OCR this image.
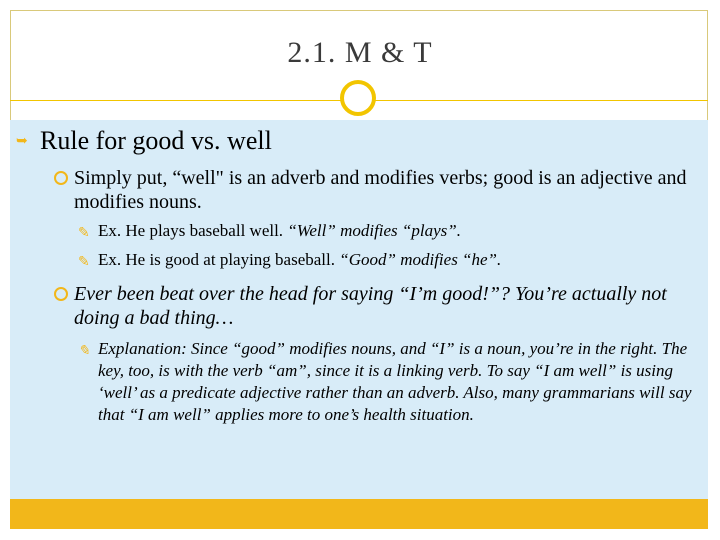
2.1. M & T
➥ Rule for good vs. well
Simply put, “well" is an adverb and modifies verbs; good is an adjective and modifies nouns.
✎ Ex. He plays baseball well. “Well” modifies “plays”.
✎ Ex. He is good at playing baseball. “Good” modifies “he”.
Ever been beat over the head for saying “I’m good!”? You’re actually not doing a bad thing…
✎ Explanation: Since “good” modifies nouns, and “I” is a noun, you’re in the right. The key, too, is with the verb “am”, since it is a linking verb. To say “I am well” is using ‘well’ as a predicate adjective rather than an adverb. Also, many grammarians will say that “I am well” applies more to one’s health situation.
